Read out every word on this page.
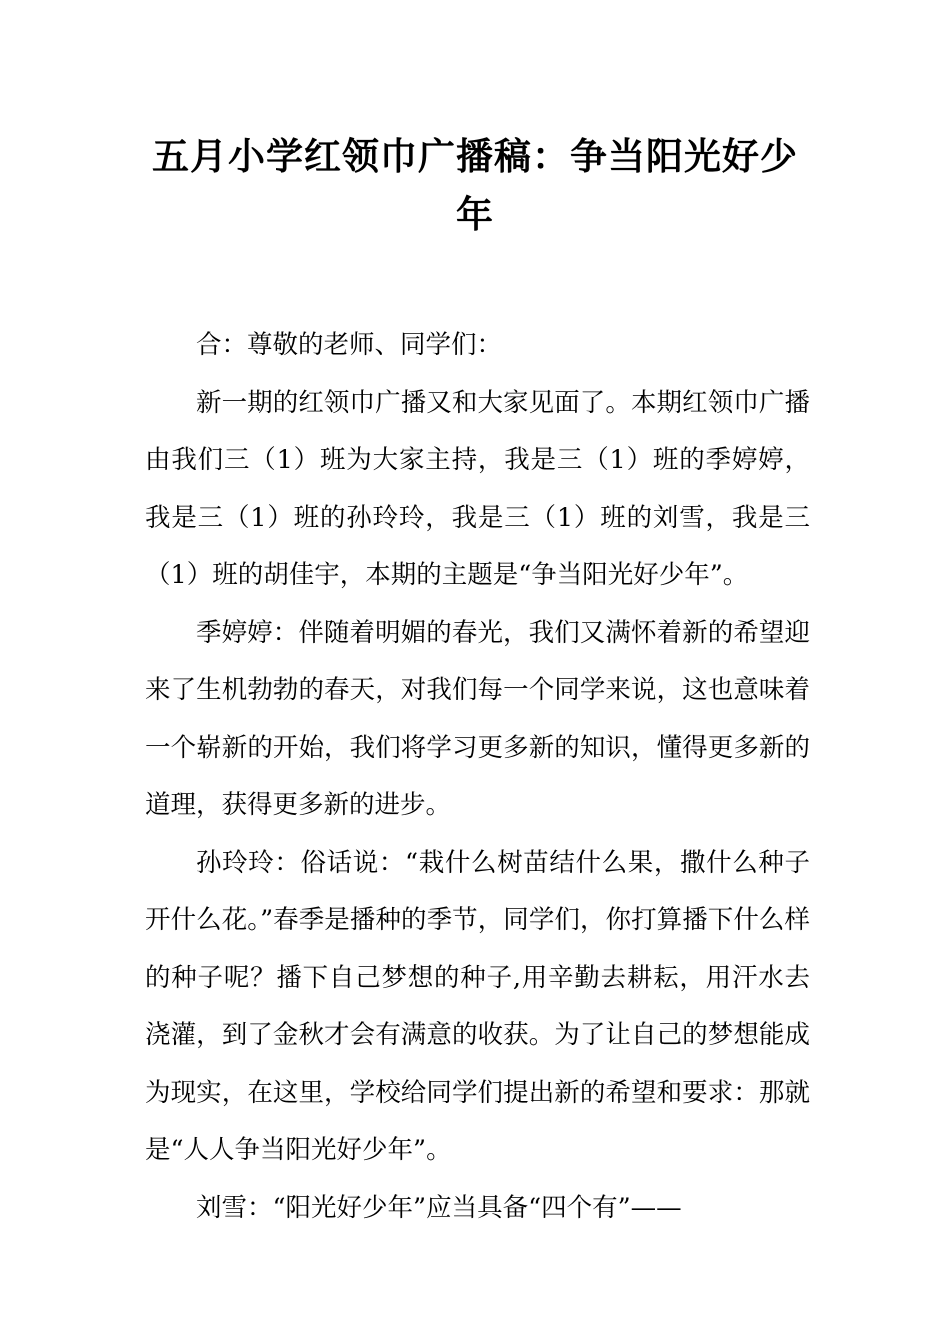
五月小学红领巾广播稿：争当阳光好少年

合：尊敬的老师、同学们：

新一期的红领巾广播又和大家见面了。本期红领巾广播由我们三（1）班为大家主持，我是三（1）班的季婷婷，我是三（1）班的孙玲玲，我是三（1）班的刘雪，我是三（1）班的胡佳宇，本期的主题是“争当阳光好少年”。

季婷婷：伴随着明媚的春光，我们又满怀着新的希望迎来了生机勃勃的春天，对我们每一个同学来说，这也意味着一个崭新的开始，我们将学习更多新的知识，懂得更多新的道理，获得更多新的进步。

孙玲玲：俗话说：“栽什么树苗结什么果，撒什么种子开什么花。”春季是播种的季节，同学们，你打算播下什么样的种子呢？播下自己梦想的种子,用辛勤去耕耘，用汗水去浇灌，到了金秋才会有满意的收获。为了让自己的梦想能成为现实，在这里，学校给同学们提出新的希望和要求：那就是“人人争当阳光好少年”。

刘雪：“阳光好少年”应当具备“四个有”——
